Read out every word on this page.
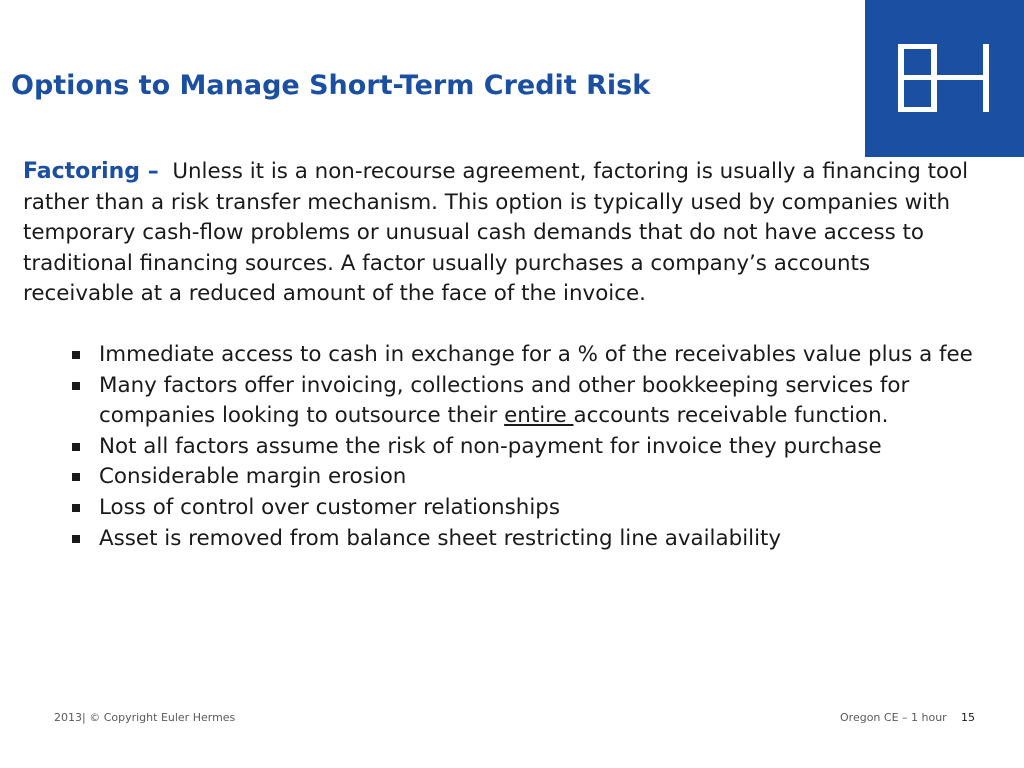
Options to Manage Short-Term Credit Risk

Factoring – Unless it is a non-recourse agreement, factoring is usually a financing tool rather than a risk transfer mechanism. This option is typically used by companies with temporary cash-flow problems or unusual cash demands that do not have access to traditional financing sources. A factor usually purchases a company’s accounts receivable at a reduced amount of the face of the invoice.

Immediate access to cash in exchange for a % of the receivables value plus a fee
Many factors offer invoicing, collections and other bookkeeping services for companies looking to outsource their entire accounts receivable function.
Not all factors assume the risk of non-payment for invoice they purchase
Considerable margin erosion
Loss of control over customer relationships
Asset is removed from balance sheet restricting line availability
2013| © Copyright Euler Hermes	Oregon CE – 1 hour 15
